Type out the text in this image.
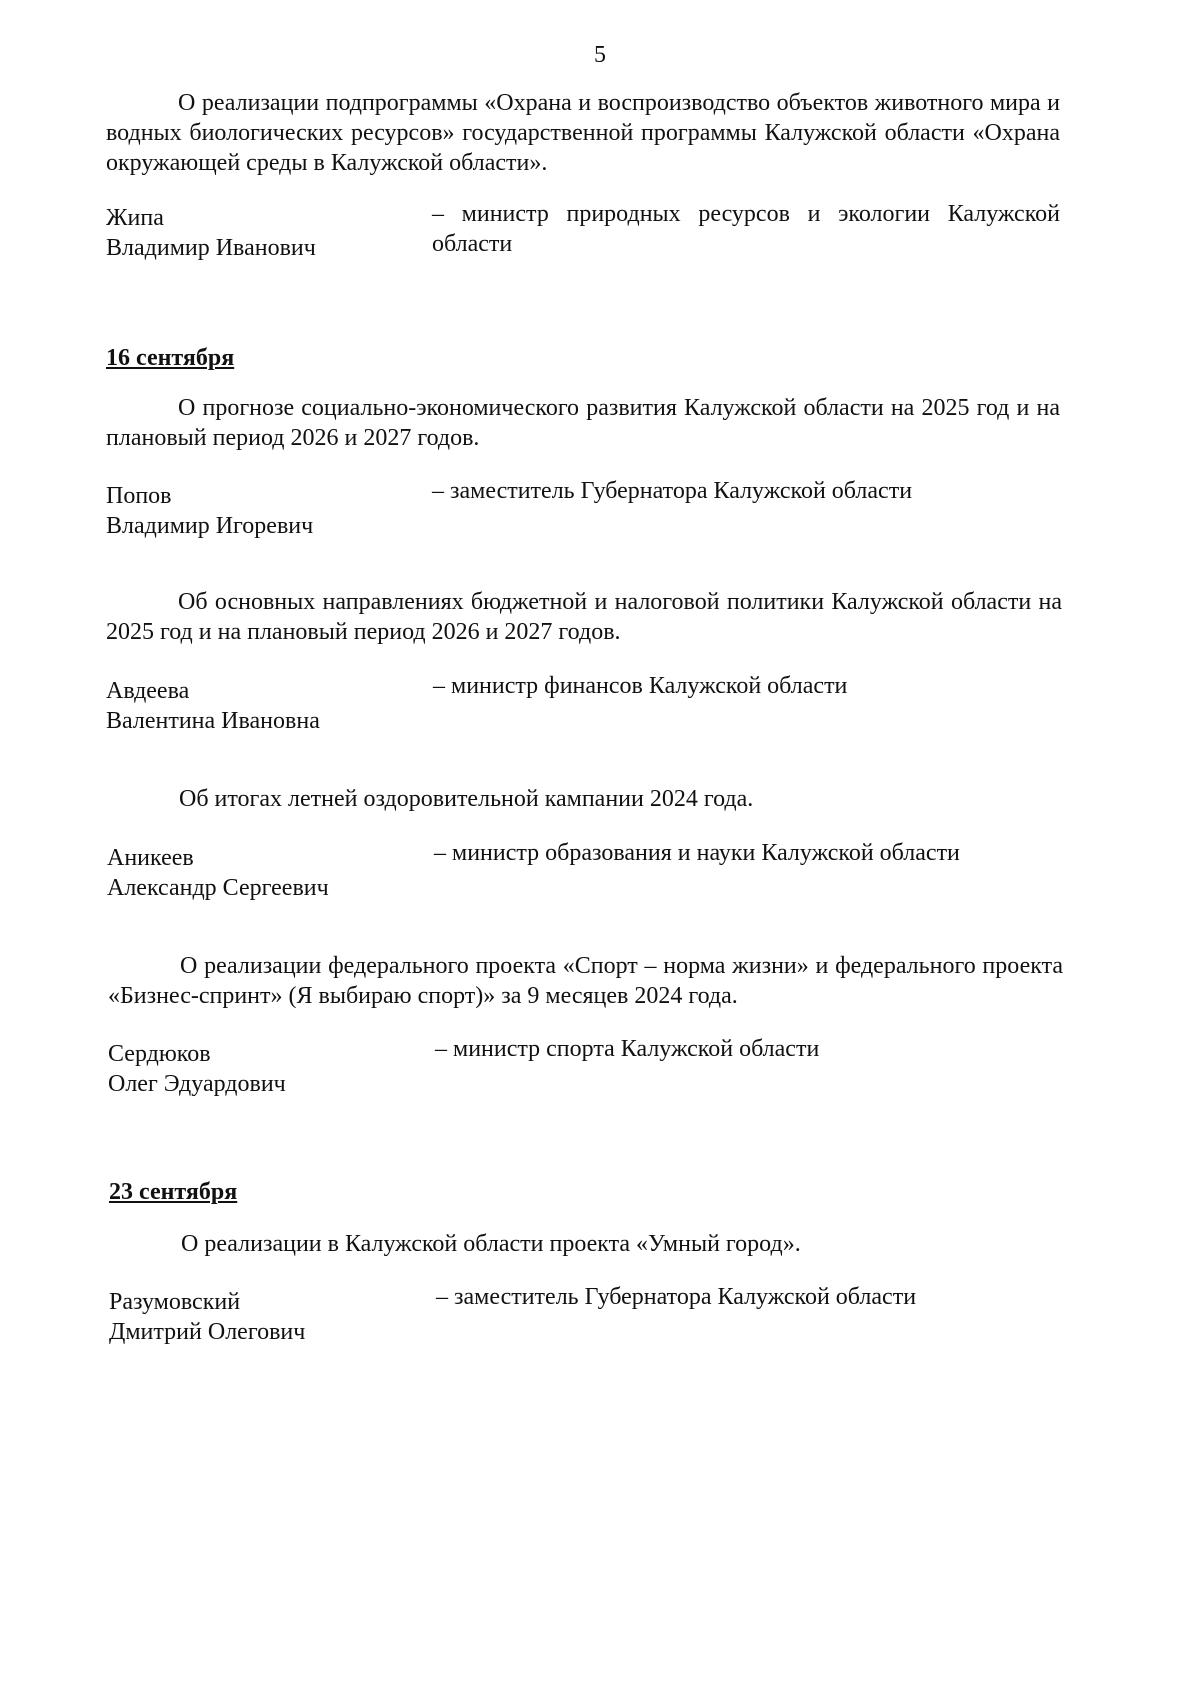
5
О реализации подпрограммы «Охрана и воспроизводство объектов животного мира и водных биологических ресурсов» государственной программы Калужской области «Охрана окружающей среды в Калужской области».
Жипа
Владимир Иванович
– министр природных ресурсов и экологии Калужской области
16 сентября
О прогнозе социально-экономического развития Калужской области на 2025 год и на плановый период 2026 и 2027 годов.
Попов
Владимир Игоревич
– заместитель Губернатора Калужской области
Об основных направлениях бюджетной и налоговой политики Калужской области на 2025 год и на плановый период 2026 и 2027 годов.
Авдеева
Валентина Ивановна
– министр финансов Калужской области
Об итогах летней оздоровительной кампании 2024 года.
Аникеев
Александр Сергеевич
– министр образования и науки Калужской области
О реализации федерального проекта «Спорт – норма жизни» и федерального проекта «Бизнес-спринт» (Я выбираю спорт)» за 9 месяцев 2024 года.
Сердюков
Олег Эдуардович
– министр спорта Калужской области
23 сентября
О реализации в Калужской области проекта «Умный город».
Разумовский
Дмитрий Олегович
– заместитель Губернатора Калужской области
